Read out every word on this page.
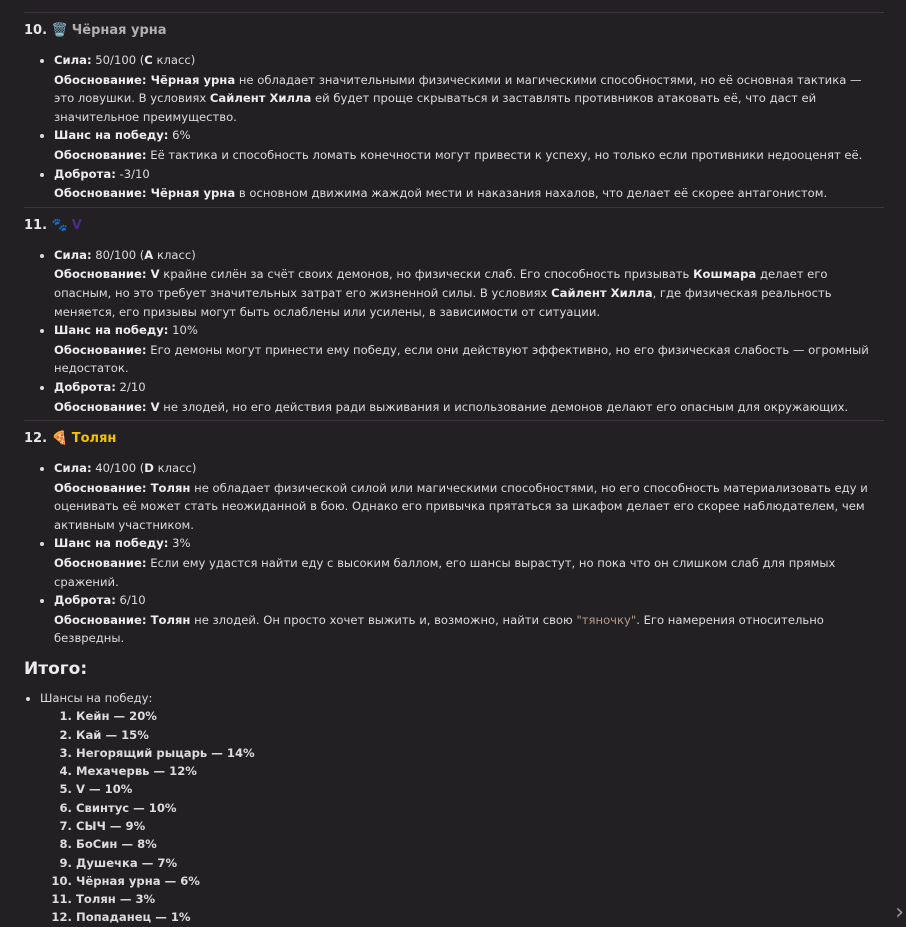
10. 🗑️ Чёрная урна
• Сила: 50/100 (C класс)
Обоснование: Чёрная урна не обладает значительными физическими и магическими способностями, но её основная тактика — это ловушки. В условиях Сайлент Хилла ей будет проще скрываться и заставлять противников атаковать её, что даст ей значительное преимущество.
• Шанс на победу: 6%
Обоснование: Её тактика и способность ломать конечности могут привести к успеху, но только если противники недооценят её.
• Доброта: -3/10
Обоснование: Чёрная урна в основном движима жаждой мести и наказания нахалов, что делает её скорее антагонистом.
11. 🐾 V
• Сила: 80/100 (A класс)
Обоснование: V крайне силён за счёт своих демонов, но физически слаб. Его способность призывать Кошмара делает его опасным, но это требует значительных затрат его жизненной силы. В условиях Сайлент Хилла, где физическая реальность меняется, его призывы могут быть ослаблены или усилены, в зависимости от ситуации.
• Шанс на победу: 10%
Обоснование: Его демоны могут принести ему победу, если они действуют эффективно, но его физическая слабость — огромный недостаток.
• Доброта: 2/10
Обоснование: V не злодей, но его действия ради выживания и использование демонов делают его опасным для окружающих.
12. 🍕 Толян
• Сила: 40/100 (D класс)
Обоснование: Толян не обладает физической силой или магическими способностями, но его способность материализовать еду и оценивать её может стать неожиданной в бою. Однако его привычка прятаться за шкафом делает его скорее наблюдателем, чем активным участником.
• Шанс на победу: 3%
Обоснование: Если ему удастся найти еду с высоким баллом, его шансы вырастут, но пока что он слишком слаб для прямых сражений.
• Доброта: 6/10
Обоснование: Толян не злодей. Он просто хочет выжить и, возможно, найти свою "тяночку". Его намерения относительно безвредны.
Итого:
• Шансы на победу:
1. Кейн — 20%
2. Кай — 15%
3. Негорящий рыцарь — 14%
4. Мехачервь — 12%
5. V — 10%
6. Свинтус — 10%
7. СЫЧ — 9%
8. БоСин — 8%
9. Душечка — 7%
10. Чёрная урна — 6%
11. Толян — 3%
12. Попаданец — 1%	›
